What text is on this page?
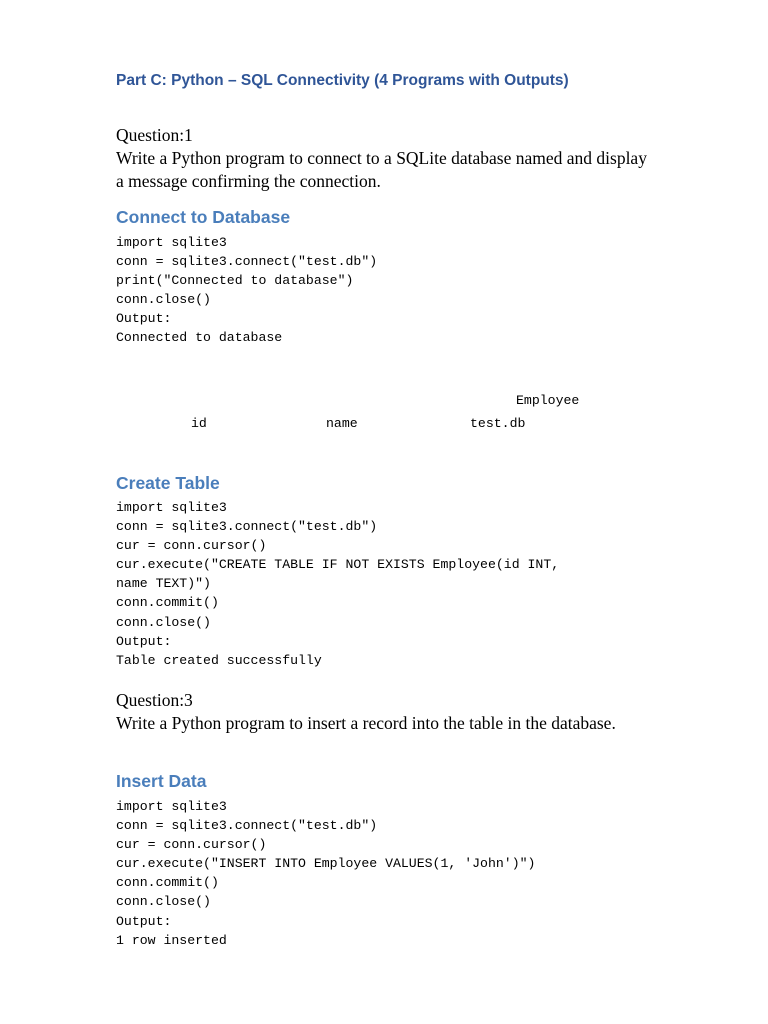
Part C: Python – SQL Connectivity (4 Programs with Outputs)
Question:1
Write a Python program to connect to a SQLite database named and display a message confirming the connection.
Connect to Database
import sqlite3
conn = sqlite3.connect("test.db")
print("Connected to database")
conn.close()
Output:
Connected to database
Employee
id	name	test.db
Create Table
import sqlite3
conn = sqlite3.connect("test.db")
cur = conn.cursor()
cur.execute("CREATE TABLE IF NOT EXISTS Employee(id INT,
name TEXT)")
conn.commit()
conn.close()
Output:
Table created successfully
Question:3
Write a Python program to insert a record into the table in the database.
Insert Data
import sqlite3
conn = sqlite3.connect("test.db")
cur = conn.cursor()
cur.execute("INSERT INTO Employee VALUES(1, 'John')")
conn.commit()
conn.close()
Output:
1 row inserted
